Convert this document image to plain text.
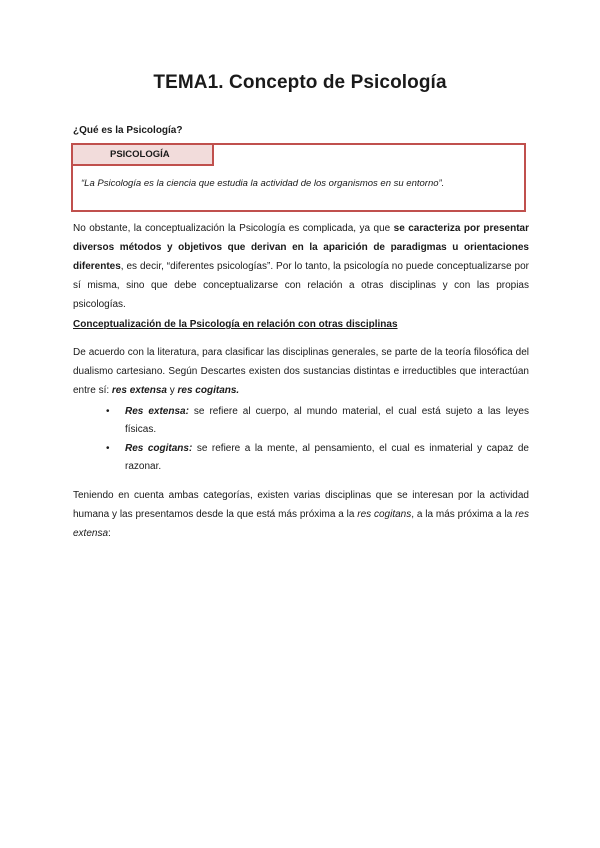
TEMA1. Concepto de Psicología
¿Qué es la Psicología?
PSICOLOGÍA
“La Psicología es la ciencia que estudia la actividad de los organismos en su entorno”.

No obstante, la conceptualización la Psicología es complicada, ya que se caracteriza por presentar diversos métodos y objetivos que derivan en la aparición de paradigmas u orientaciones diferentes, es decir, “diferentes psicologías”. Por lo tanto, la psicología no puede conceptualizarse por sí misma, sino que debe conceptualizarse con relación a otras disciplinas y con las propias psicologías.

Conceptualización de la Psicología en relación con otras disciplinas

De acuerdo con la literatura, para clasificar las disciplinas generales, se parte de la teoría filosófica del dualismo cartesiano. Según Descartes existen dos sustancias distintas e irreductibles que interactúan entre sí: res extensa y res cogitans.

• Res extensa: se refiere al cuerpo, al mundo material, el cual está sujeto a las leyes físicas.
• Res cogitans: se refiere a la mente, al pensamiento, el cual es inmaterial y capaz de razonar.

Teniendo en cuenta ambas categorías, existen varias disciplinas que se interesan por la actividad humana y las presentamos desde la que está más próxima a la res cogitans, a la más próxima a la res extensa:
